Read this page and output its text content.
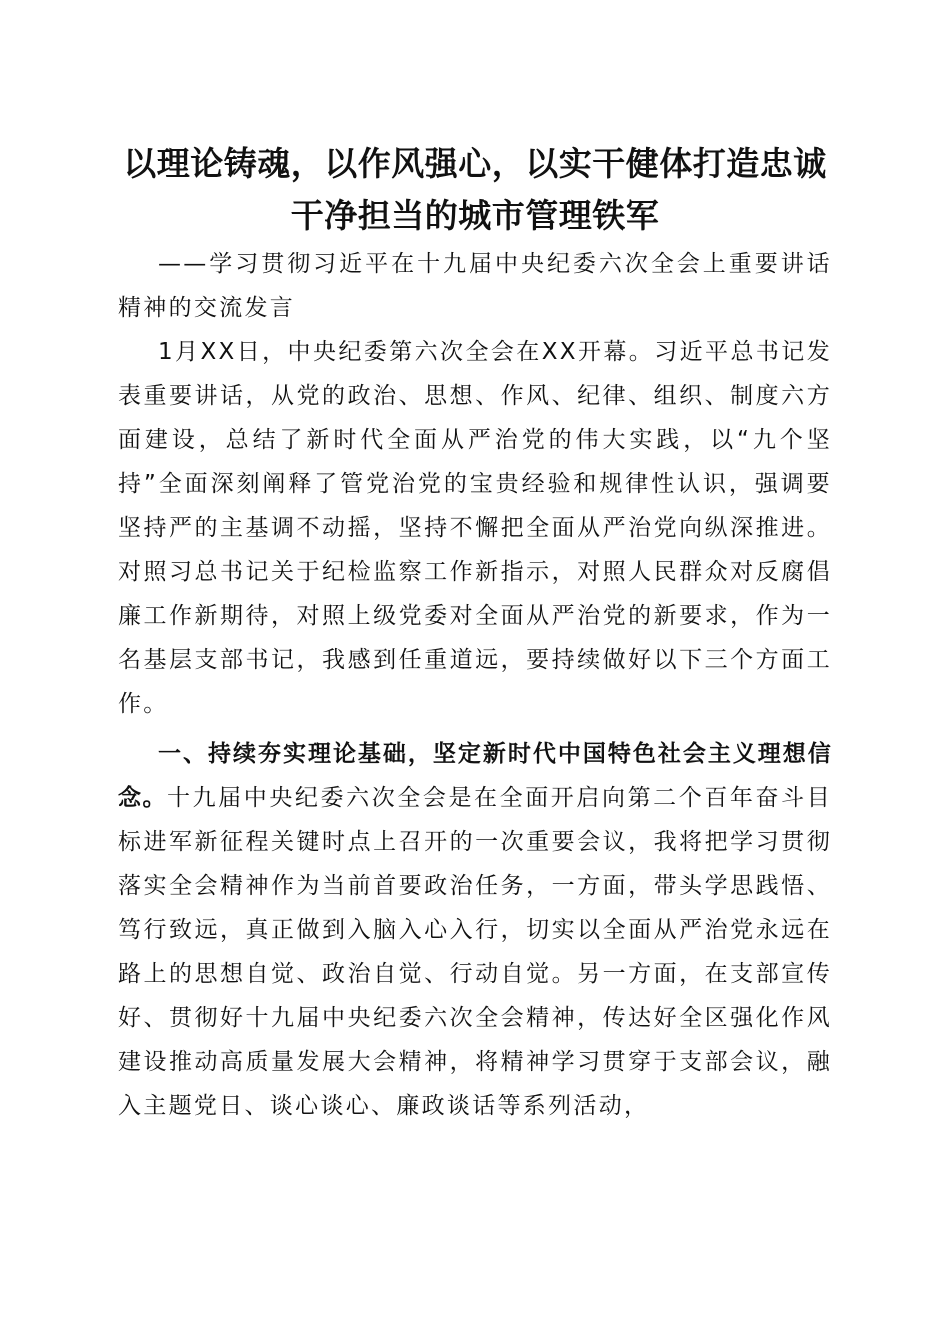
以理论铸魂，以作风强心，以实干健体打造忠诚干净担当的城市管理铁军

——学习贯彻习近平在十九届中央纪委六次全会上重要讲话精神的交流发言

1月XX日，中央纪委第六次全会在XX开幕。习近平总书记发表重要讲话，从党的政治、思想、作风、纪律、组织、制度六方面建设，总结了新时代全面从严治党的伟大实践，以“九个坚持”全面深刻阐释了管党治党的宝贵经验和规律性认识，强调要坚持严的主基调不动摇，坚持不懈把全面从严治党向纵深推进。对照习总书记关于纪检监察工作新指示，对照人民群众对反腐倡廉工作新期待，对照上级党委对全面从严治党的新要求，作为一名基层支部书记，我感到任重道远，要持续做好以下三个方面工作。

一、持续夯实理论基础，坚定新时代中国特色社会主义理想信念。十九届中央纪委六次全会是在全面开启向第二个百年奋斗目标进军新征程关键时点上召开的一次重要会议，我将把学习贯彻落实全会精神作为当前首要政治任务，一方面，带头学思践悟、笃行致远，真正做到入脑入心入行，切实以全面从严治党永远在路上的思想自觉、政治自觉、行动自觉。另一方面，在支部宣传好、贯彻好十九届中央纪委六次全会精神，传达好全区强化作风建设推动高质量发展大会精神，将精神学习贯穿于支部会议，融入主题党日、谈心谈心、廉政谈话等系列活动，
